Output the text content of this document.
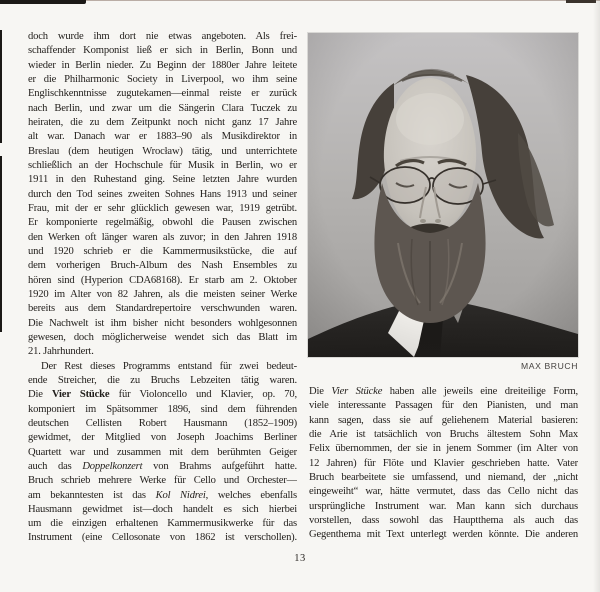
doch wurde ihm dort nie etwas angeboten. Als frei-
schaffender Komponist ließ er sich in Berlin, Bonn und
wieder in Berlin nieder. Zu Beginn der 1880er Jahre leitete
er die Philharmonic Society in Liverpool, wo ihm seine
Englischkenntnisse zugutekamen—einmal reiste er zurück
nach Berlin, und zwar um die Sängerin Clara Tuczek zu
heiraten, die zu dem Zeitpunkt noch nicht ganz 17 Jahre
alt war. Danach war er 1883–90 als Musikdirektor in
Breslau (dem heutigen Wrocław) tätig, und unterrichtete
schließlich an der Hochschule für Musik in Berlin, wo er
1911 in den Ruhestand ging. Seine letzten Jahre wurden
durch den Tod seines zweiten Sohnes Hans 1913 und seiner
Frau, mit der er sehr glücklich gewesen war, 1919 getrübt.
Er komponierte regelmäßig, obwohl die Pausen zwischen
den Werken oft länger waren als zuvor; in den Jahren 1918
und 1920 schrieb er die Kammermusikstücke, die auf
dem vorherigen Bruch-Album des Nash Ensembles zu
hören sind (Hyperion CDA68168). Er starb am 2. Oktober
1920 im Alter von 82 Jahren, als die meisten seiner Werke
bereits aus dem Standardrepertoire verschwunden waren.
Die Nachwelt ist ihm bisher nicht besonders wohlgesonnen
gewesen, doch möglicherweise wendet sich das Blatt im
21. Jahrhundert.
Der Rest dieses Programms entstand für zwei bedeut-
ende Streicher, die zu Bruchs Lebzeiten tätig waren.
Die Vier Stücke für Violoncello und Klavier, op. 70,
komponiert im Spätsommer 1896, sind dem führenden
deutschen Cellisten Robert Hausmann (1852–1909)
gewidmet, der Mitglied von Joseph Joachims Berliner
Quartett war und zusammen mit dem berühmten Geiger
auch das Doppelkonzert von Brahms aufgeführt hatte.
Bruch schrieb mehrere Werke für Cello und Orchester—
am bekanntesten ist das Kol Nidrei, welches ebenfalls
Hausmann gewidmet ist—doch handelt es sich hierbei
um die einzigen erhaltenen Kammermusikwerke für das
Instrument (eine Cellosonate von 1862 ist verschollen).
MAX BRUCH
Die Vier Stücke haben alle jeweils eine dreiteilige Form,
viele interessante Passagen für den Pianisten, und man
kann sagen, dass sie auf geliehenem Material basieren:
die Arie ist tatsächlich von Bruchs ältestem Sohn Max
Felix übernommen, der sie in jenem Sommer (im Alter von
12 Jahren) für Flöte und Klavier geschrieben hatte. Vater
Bruch bearbeitete sie umfassend, und niemand, der „nicht
eingeweiht“ war, hätte vermutet, dass das Cello nicht das
ursprüngliche Instrument war. Man kann sich durchaus
vorstellen, dass sowohl das Hauptthema als auch das
Gegenthema mit Text unterlegt werden könnte. Die anderen
13
